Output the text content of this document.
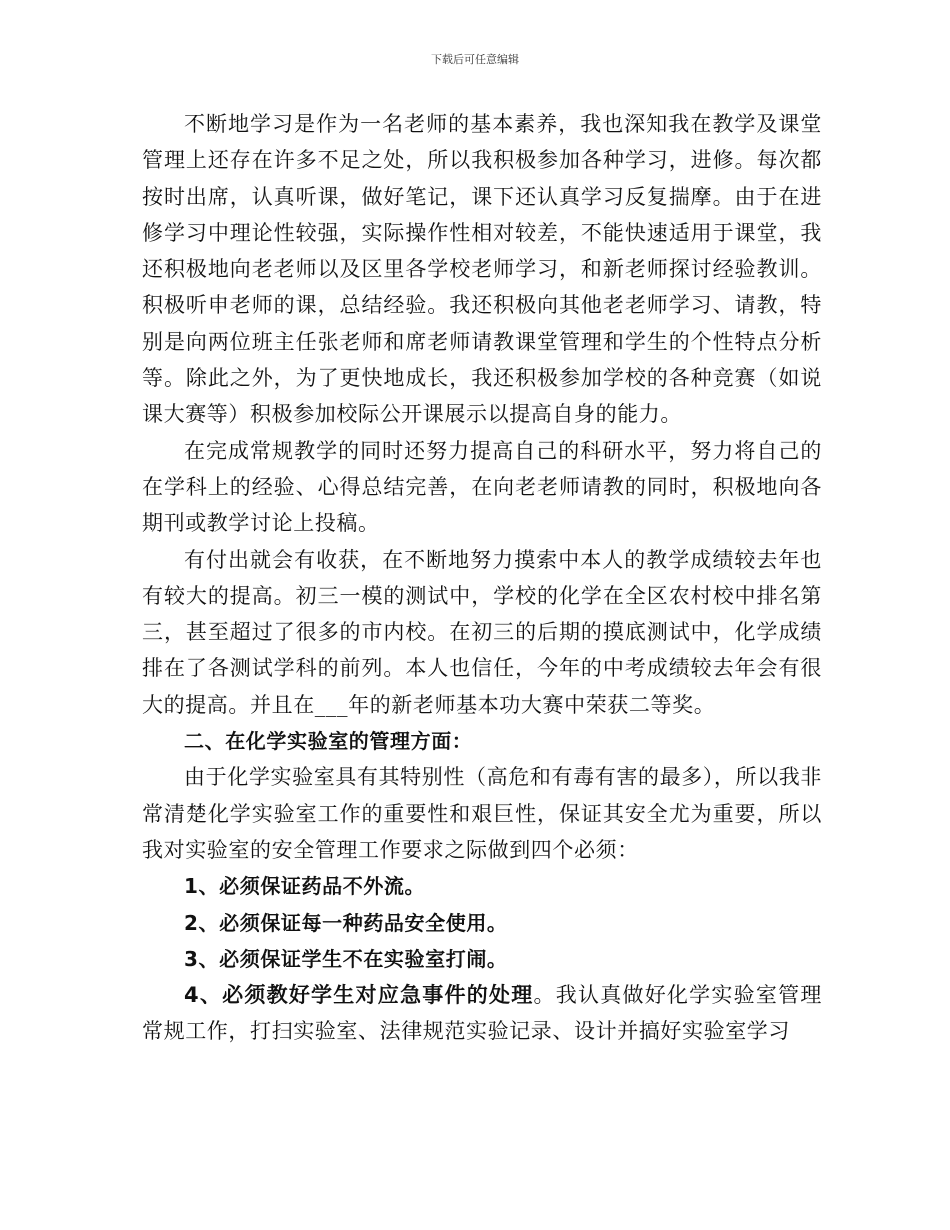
下载后可任意编辑

不断地学习是作为一名老师的基本素养，我也深知我在教学及课堂管理上还存在许多不足之处，所以我积极参加各种学习，进修。每次都按时出席，认真听课，做好笔记，课下还认真学习反复揣摩。由于在进修学习中理论性较强，实际操作性相对较差，不能快速适用于课堂，我还积极地向老老师以及区里各学校老师学习，和新老师探讨经验教训。积极听申老师的课，总结经验。我还积极向其他老老师学习、请教，特别是向两位班主任张老师和席老师请教课堂管理和学生的个性特点分析等。除此之外，为了更快地成长，我还积极参加学校的各种竞赛（如说课大赛等）积极参加校际公开课展示以提高自身的能力。

在完成常规教学的同时还努力提高自己的科研水平，努力将自己的在学科上的经验、心得总结完善，在向老老师请教的同时，积极地向各期刊或教学讨论上投稿。

有付出就会有收获，在不断地努力摸索中本人的教学成绩较去年也有较大的提高。初三一模的测试中，学校的化学在全区农村校中排名第三，甚至超过了很多的市内校。在初三的后期的摸底测试中，化学成绩排在了各测试学科的前列。本人也信任，今年的中考成绩较去年会有很大的提高。并且在___年的新老师基本功大赛中荣获二等奖。

二、在化学实验室的管理方面：

由于化学实验室具有其特别性（高危和有毒有害的最多），所以我非常清楚化学实验室工作的重要性和艰巨性，保证其安全尤为重要，所以我对实验室的安全管理工作要求之际做到四个必须：

1、必须保证药品不外流。

2、必须保证每一种药品安全使用。

3、必须保证学生不在实验室打闹。

4、必须教好学生对应急事件的处理。我认真做好化学实验室管理常规工作，打扫实验室、法律规范实验记录、设计并搞好实验室学习
